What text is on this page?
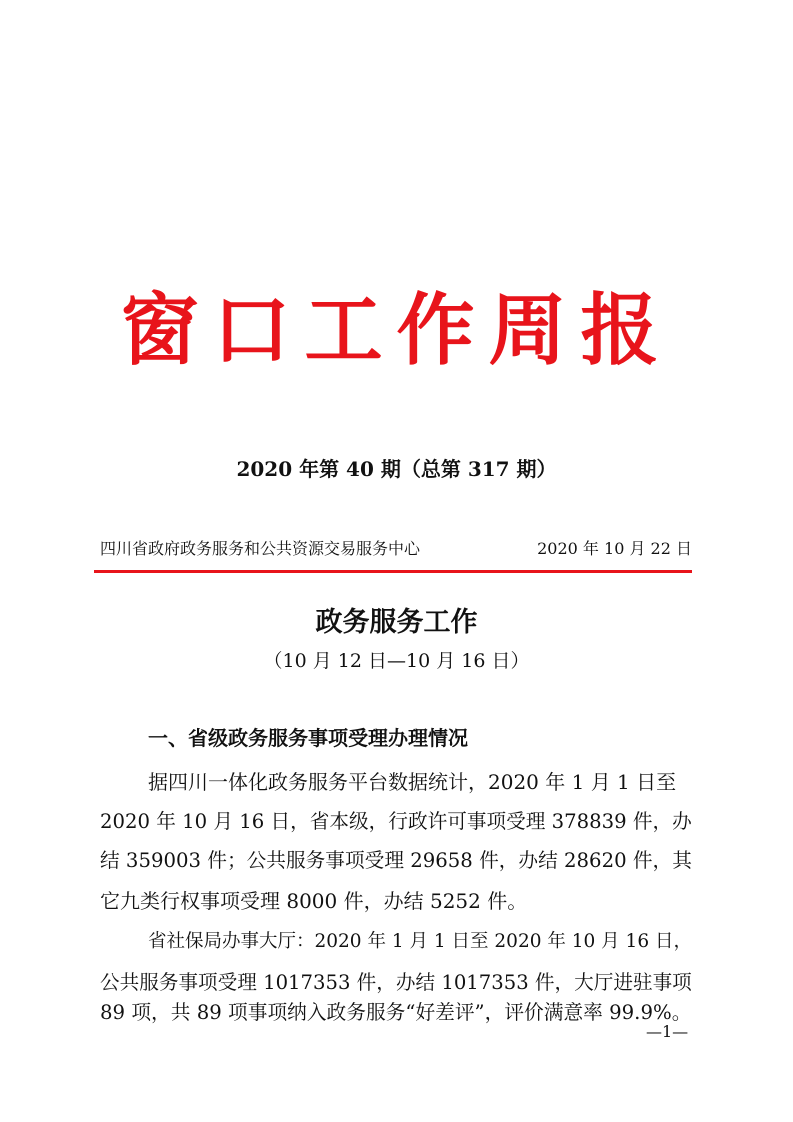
窗口工作周报
2020 年第 40 期（总第 317 期）
四川省政府政务服务和公共资源交易服务中心	2020 年 10 月 22 日
政务服务工作
（10 月 12 日—10 月 16 日）
一、省级政务服务事项受理办理情况
据四川一体化政务服务平台数据统计，2020 年 1 月 1 日至
2020 年 10 月 16 日，省本级，行政许可事项受理 378839 件，办
结 359003 件；公共服务事项受理 29658 件，办结 28620 件，其
它九类行权事项受理 8000 件，办结 5252 件。
省社保局办事大厅：2020 年 1 月 1 日至 2020 年 10 月 16 日，
公共服务事项受理 1017353 件，办结 1017353 件，大厅进驻事项
89 项，共 89 项事项纳入政务服务“好差评”，评价满意率 99.9%。
—1—
